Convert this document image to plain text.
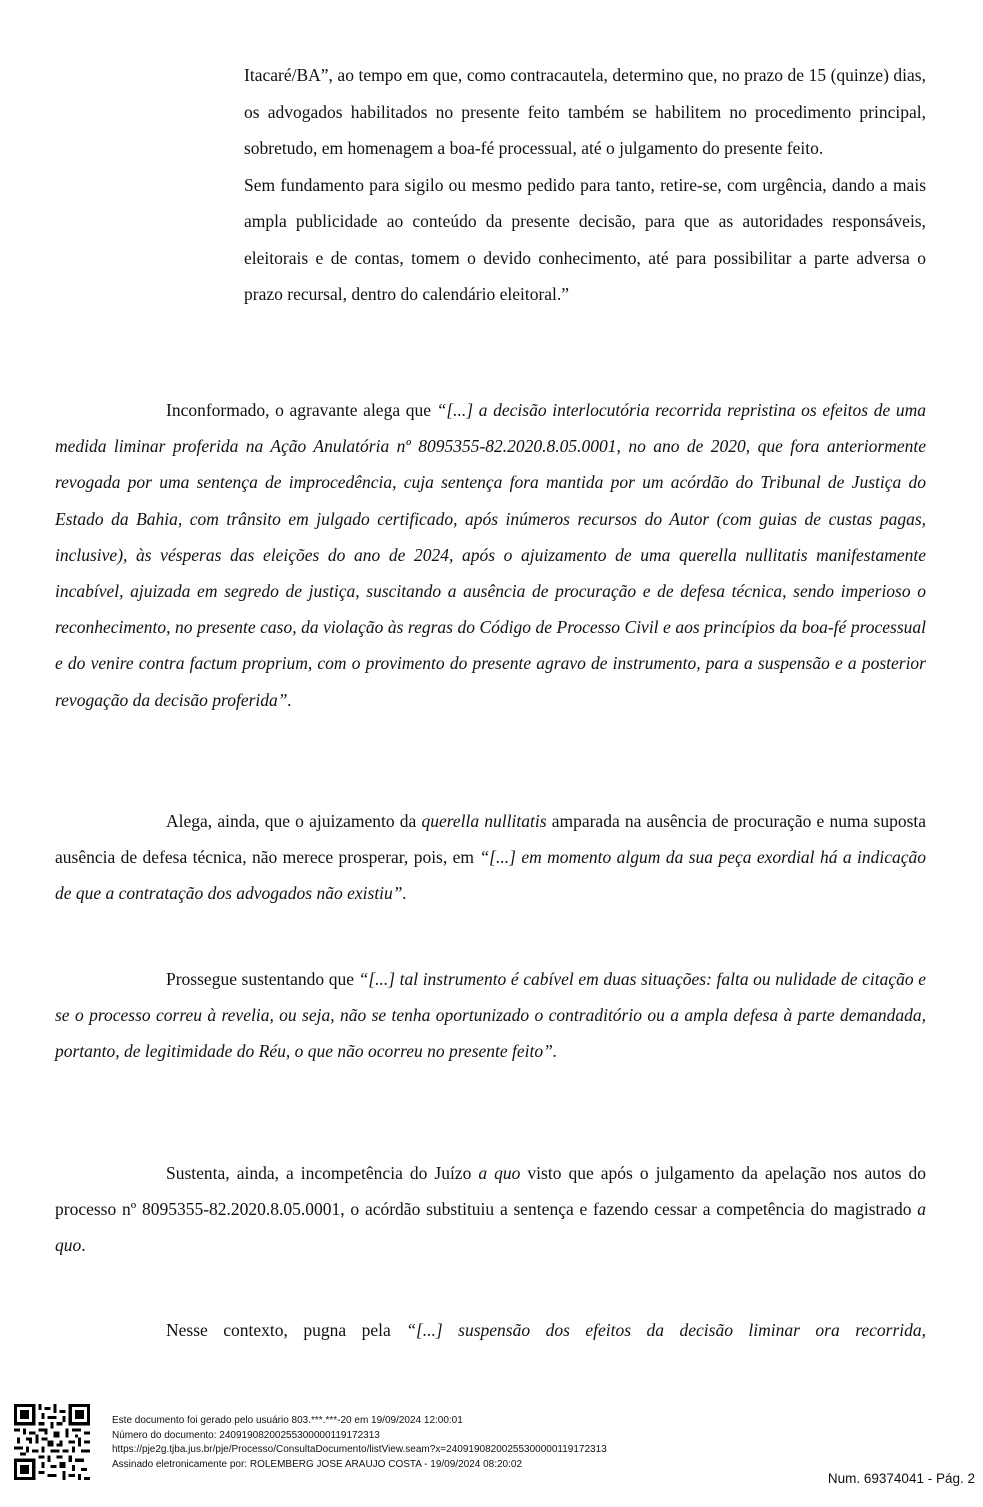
Itacaré/BA”, ao tempo em que, como contracautela, determino que, no prazo de 15 (quinze) dias, os advogados habilitados no presente feito também se habilitem no procedimento principal, sobretudo, em homenagem a boa-fé processual, até o julgamento do presente feito.

Sem fundamento para sigilo ou mesmo pedido para tanto, retire-se, com urgência, dando a mais ampla publicidade ao conteúdo da presente decisão, para que as autoridades responsáveis, eleitorais e de contas, tomem o devido conhecimento, até para possibilitar a parte adversa o prazo recursal, dentro do calendário eleitoral.”

Inconformado, o agravante alega que “[...] a decisão interlocutória recorrida repristina os efeitos de uma medida liminar proferida na Ação Anulatória nº 8095355-82.2020.8.05.0001, no ano de 2020, que fora anteriormente revogada por uma sentença de improcedência, cuja sentença fora mantida por um acórdão do Tribunal de Justiça do Estado da Bahia, com trânsito em julgado certificado, após inúmeros recursos do Autor (com guias de custas pagas, inclusive), às vésperas das eleições do ano de 2024, após o ajuizamento de uma querella nullitatis manifestamente incabível, ajuizada em segredo de justiça, suscitando a ausência de procuração e de defesa técnica, sendo imperioso o reconhecimento, no presente caso, da violação às regras do Código de Processo Civil e aos princípios da boa-fé processual e do venire contra factum proprium, com o provimento do presente agravo de instrumento, para a suspensão e a posterior revogação da decisão proferida”.

Alega, ainda, que o ajuizamento da querella nullitatis amparada na ausência de procuração e numa suposta ausência de defesa técnica, não merece prosperar, pois, em “[...] em momento algum da sua peça exordial há a indicação de que a contratação dos advogados não existiu”.

Prossegue sustentando que “[...] tal instrumento é cabível em duas situações: falta ou nulidade de citação e se o processo correu à revelia, ou seja, não se tenha oportunizado o contraditório ou a ampla defesa à parte demandada, portanto, de legitimidade do Réu, o que não ocorreu no presente feito”.

Sustenta, ainda, a incompetência do Juízo a quo visto que após o julgamento da apelação nos autos do processo nº 8095355-82.2020.8.05.0001, o acórdão substituiu a sentença e fazendo cessar a competência do magistrado a quo.

Nesse contexto, pugna pela “[...] suspensão dos efeitos da decisão liminar ora recorrida,

Este documento foi gerado pelo usuário 803.***.***-20 em 19/09/2024 12:00:01
Número do documento: 24091908200255300000119172313
https://pje2g.tjba.jus.br/pje/Processo/ConsultaDocumento/listView.seam?x=24091908200255300000119172313
Assinado eletronicamente por: ROLEMBERG JOSE ARAUJO COSTA - 19/09/2024 08:20:02
Num. 69374041 - Pág. 2
